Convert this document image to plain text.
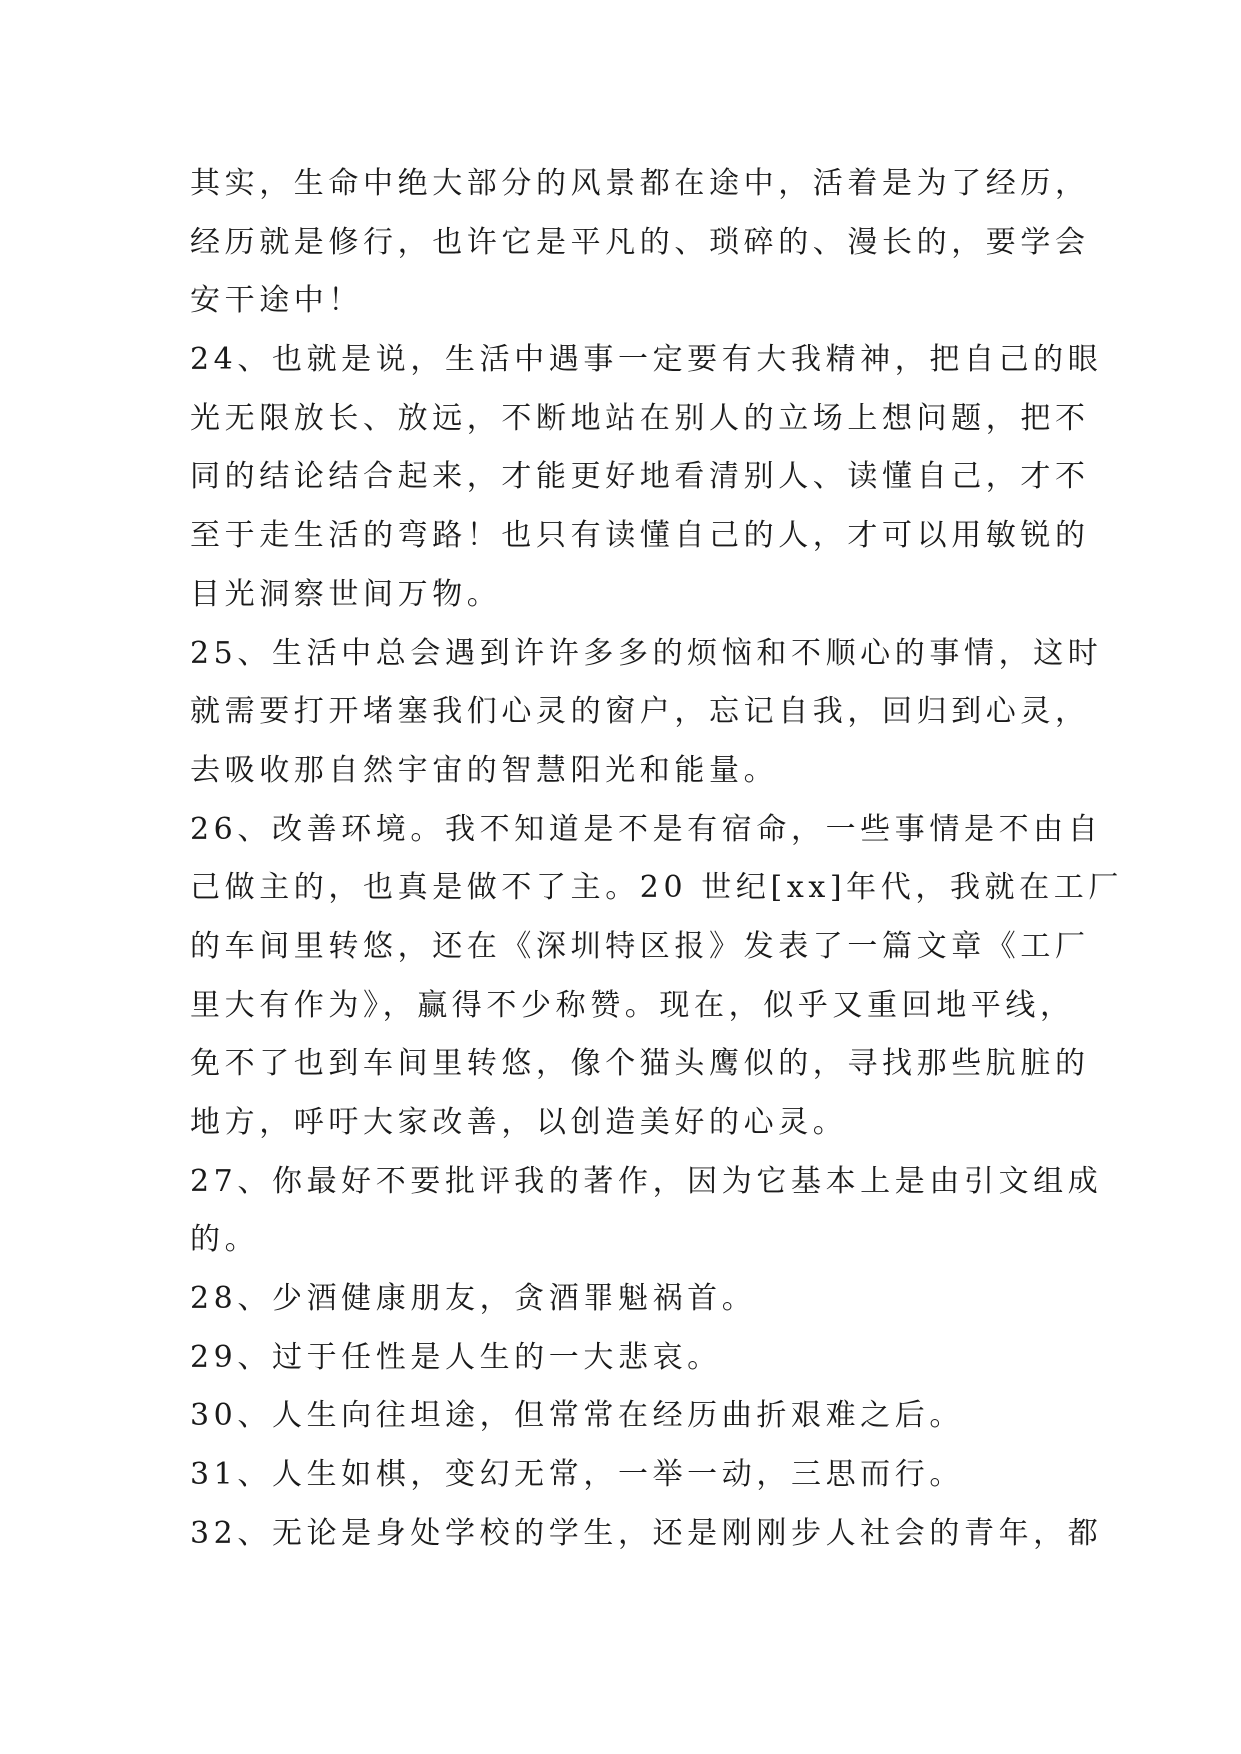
其实，生命中绝大部分的风景都在途中，活着是为了经历，
经历就是修行，也许它是平凡的、琐碎的、漫长的，要学会
安干途中！
24、也就是说，生活中遇事一定要有大我精神，把自己的眼
光无限放长、放远，不断地站在别人的立场上想问题，把不
同的结论结合起来，才能更好地看清别人、读懂自己，才不
至于走生活的弯路！也只有读懂自己的人，才可以用敏锐的
目光洞察世间万物。
25、生活中总会遇到许许多多的烦恼和不顺心的事情，这时
就需要打开堵塞我们心灵的窗户，忘记自我，回归到心灵，
去吸收那自然宇宙的智慧阳光和能量。
26、改善环境。我不知道是不是有宿命，一些事情是不由自
己做主的，也真是做不了主。20 世纪[xx]年代，我就在工厂
的车间里转悠，还在《深圳特区报》发表了一篇文章《工厂
里大有作为》，赢得不少称赞。现在，似乎又重回地平线，
免不了也到车间里转悠，像个猫头鹰似的，寻找那些肮脏的
地方，呼吁大家改善，以创造美好的心灵。
27、你最好不要批评我的著作，因为它基本上是由引文组成
的。
28、少酒健康朋友，贪酒罪魁祸首。
29、过于任性是人生的一大悲哀。
30、人生向往坦途，但常常在经历曲折艰难之后。
31、人生如棋，变幻无常，一举一动，三思而行。
32、无论是身处学校的学生，还是刚刚步人社会的青年，都
